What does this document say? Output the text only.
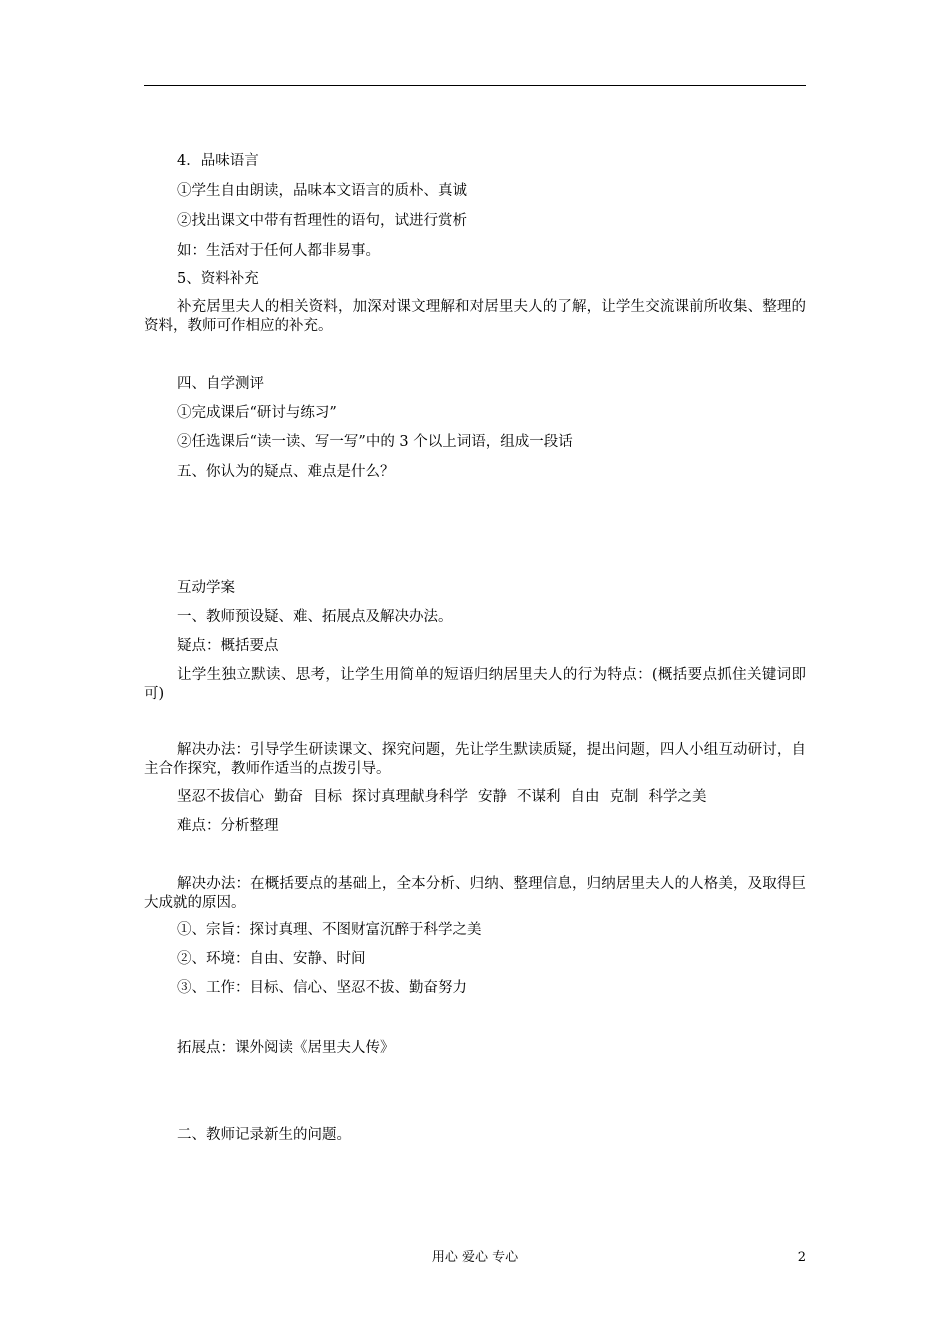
4．品味语言
①学生自由朗读，品味本文语言的质朴、真诚
②找出课文中带有哲理性的语句，试进行赏析
如：生活对于任何人都非易事。
5、资料补充
补充居里夫人的相关资料，加深对课文理解和对居里夫人的了解，让学生交流课前所收集、整理的资料，教师可作相应的补充。
四、自学测评
①完成课后“研讨与练习”
②任选课后“读一读、写一写”中的 3 个以上词语，组成一段话
五、你认为的疑点、难点是什么？
互动学案
一、教师预设疑、难、拓展点及解决办法。
疑点：概括要点
让学生独立默读、思考，让学生用简单的短语归纳居里夫人的行为特点：(概括要点抓住关键词即可)
解决办法：引导学生研读课文、探究问题，先让学生默读质疑，提出问题，四人小组互动研讨，自主合作探究，教师作适当的点拨引导。
坚忍不拔信心 勤奋 目标 探讨真理献身科学 安静 不谋利 自由 克制 科学之美
难点：分析整理
解决办法：在概括要点的基础上，全本分析、归纳、整理信息，归纳居里夫人的人格美，及取得巨大成就的原因。
①、宗旨：探讨真理、不图财富沉醉于科学之美
②、环境：自由、安静、时间
③、工作：目标、信心、坚忍不拔、勤奋努力
拓展点：课外阅读《居里夫人传》
二、教师记录新生的问题。
用心 爱心 专心	2
